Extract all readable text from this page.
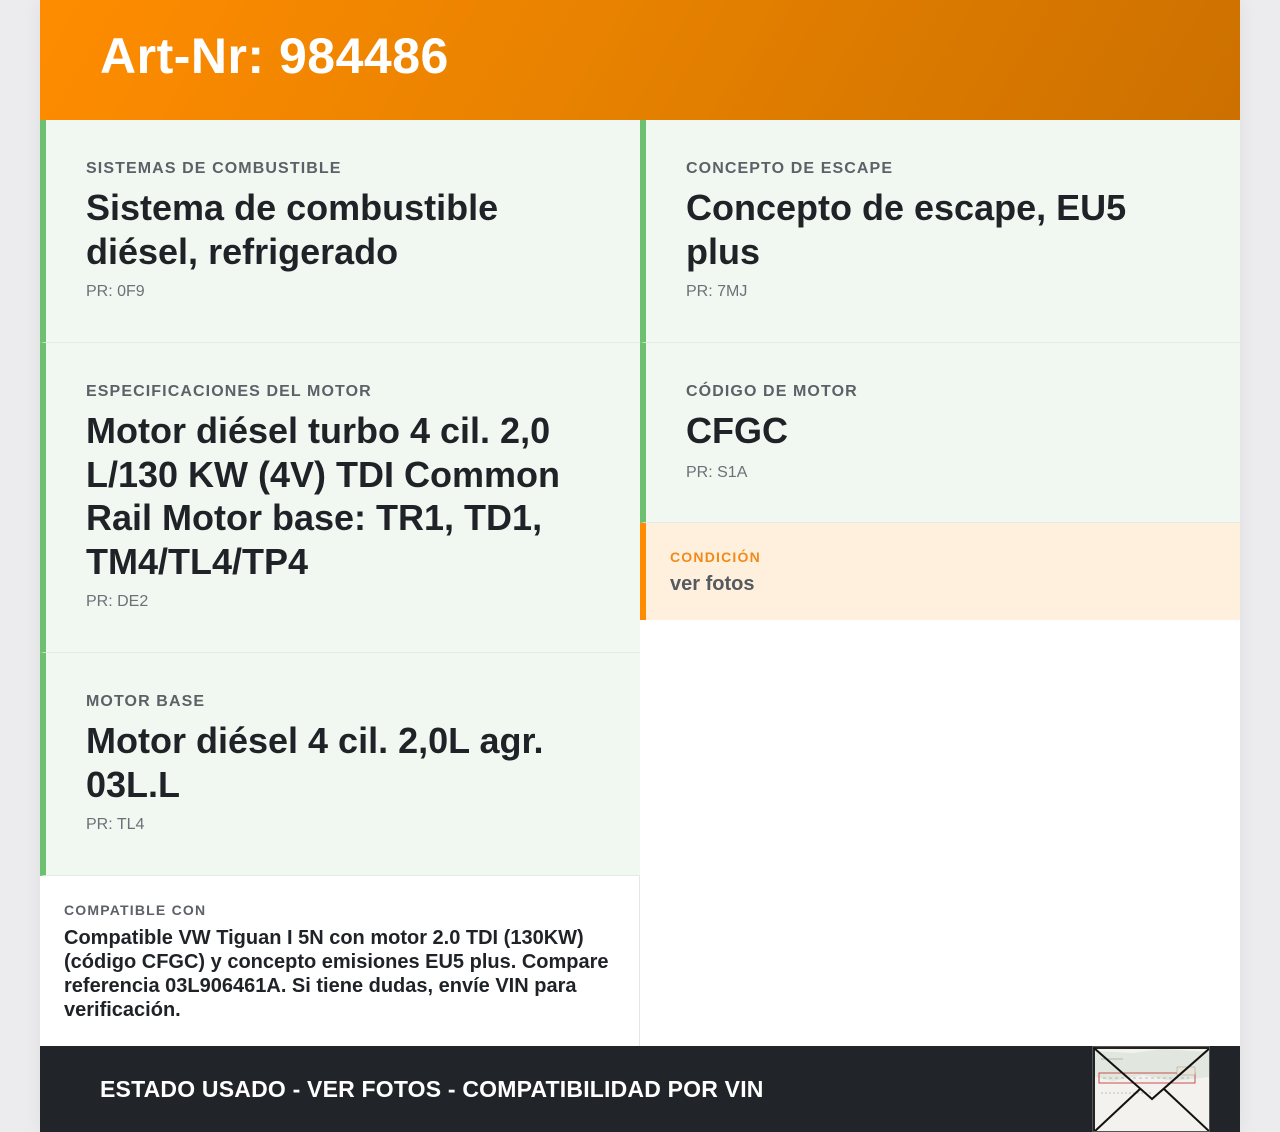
Art-Nr: 984486
SISTEMAS DE COMBUSTIBLE
Sistema de combustible diésel, refrigerado
PR: 0F9
CONCEPTO DE ESCAPE
Concepto de escape, EU5 plus
PR: 7MJ
ESPECIFICACIONES DEL MOTOR
Motor diésel turbo 4 cil. 2,0 L/130 KW (4V) TDI Common Rail Motor base: TR1, TD1, TM4/TL4/TP4
PR: DE2
CÓDIGO DE MOTOR
CFGC
PR: S1A
CONDICIÓN
ver fotos
MOTOR BASE
Motor diésel 4 cil. 2,0L agr. 03L.L
PR: TL4
COMPATIBLE CON
Compatible VW Tiguan I 5N con motor 2.0 TDI (130KW) (código CFGC) y concepto emisiones EU5 plus. Compare referencia 03L906461A. Si tiene dudas, envíe VIN para verificación.
ESTADO USADO - VER FOTOS - COMPATIBILIDAD POR VIN
